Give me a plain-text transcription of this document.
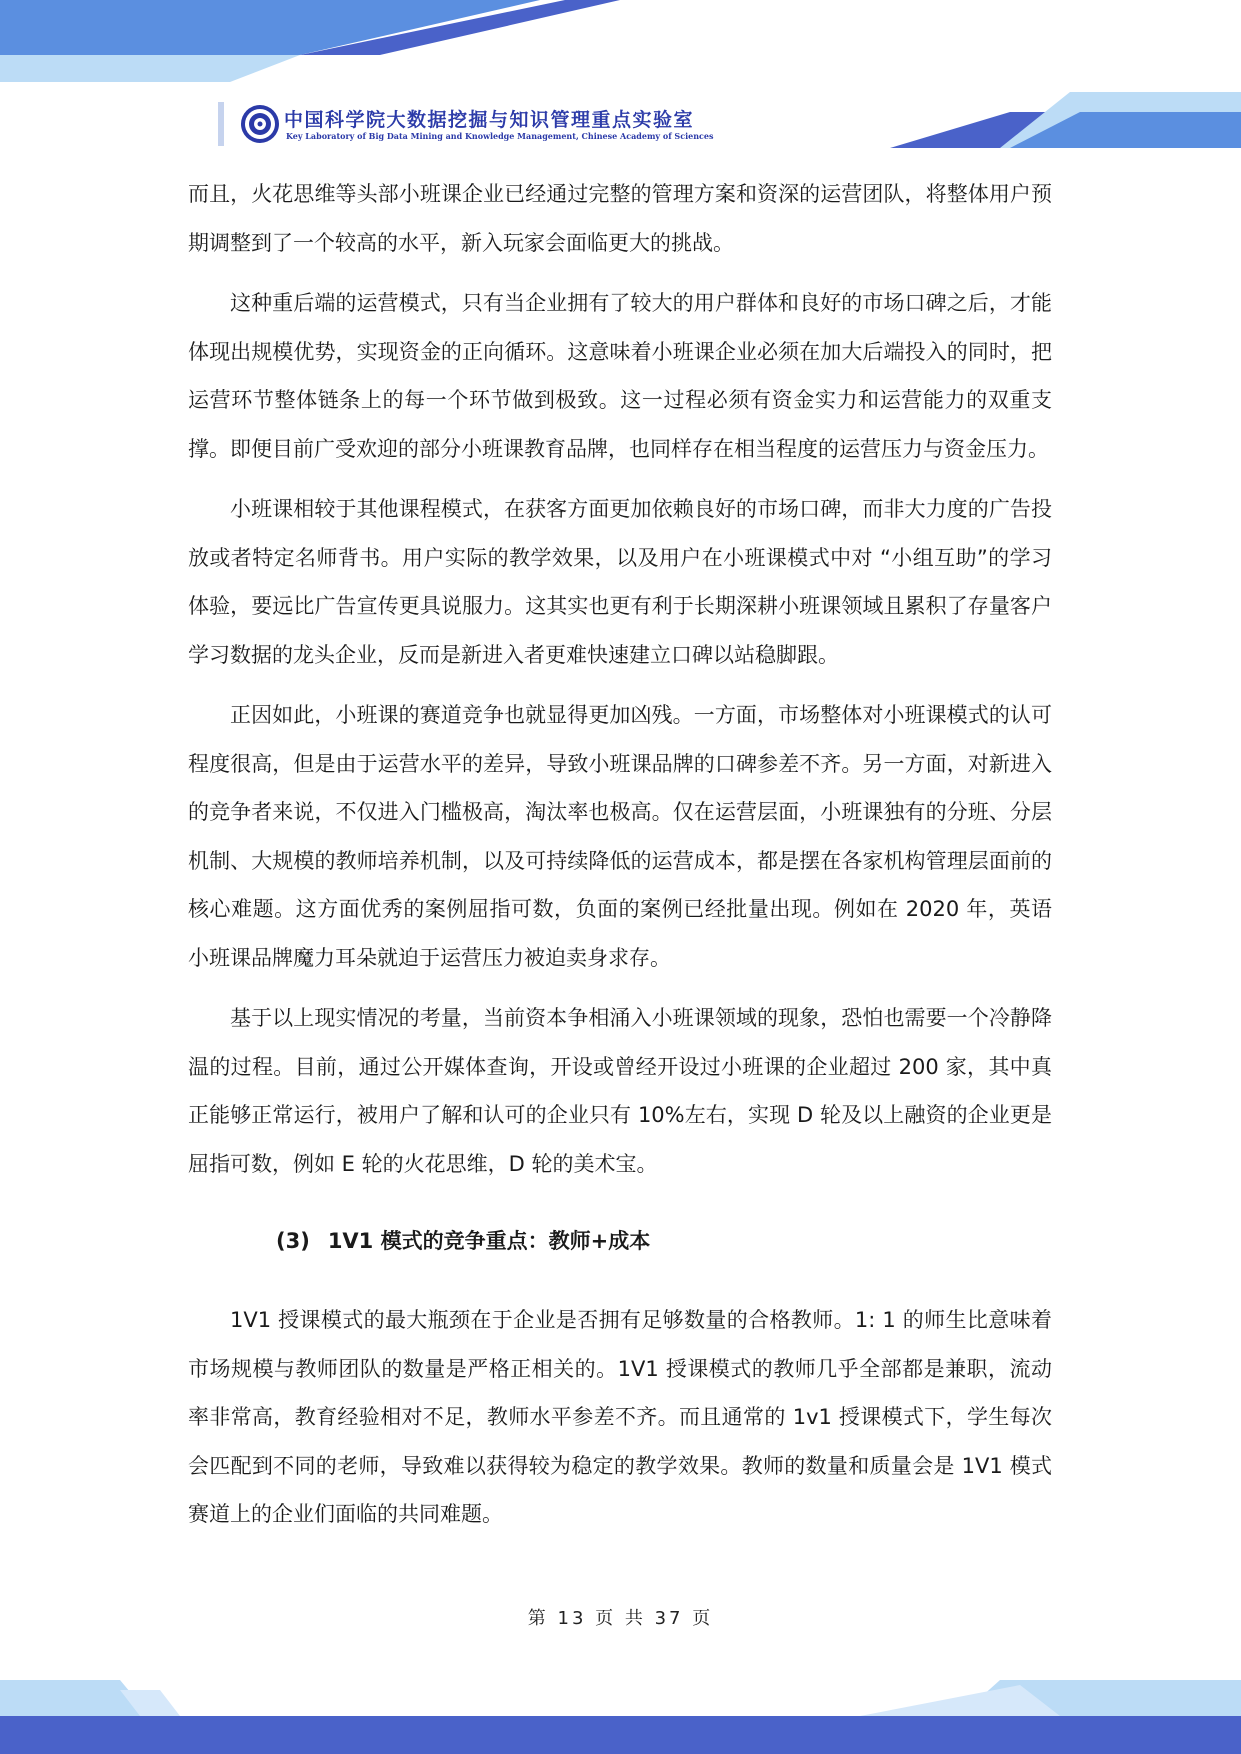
中国科学院大数据挖掘与知识管理重点实验室
Key Laboratory of Big Data Mining and Knowledge Management, Chinese Academy of Sciences

而且，火花思维等头部小班课企业已经通过完整的管理方案和资深的运营团队，将整体用户预期调整到了一个较高的水平，新入玩家会面临更大的挑战。

这种重后端的运营模式，只有当企业拥有了较大的用户群体和良好的市场口碑之后，才能体现出规模优势，实现资金的正向循环。这意味着小班课企业必须在加大后端投入的同时，把运营环节整体链条上的每一个环节做到极致。这一过程必须有资金实力和运营能力的双重支撑。即便目前广受欢迎的部分小班课教育品牌，也同样存在相当程度的运营压力与资金压力。

小班课相较于其他课程模式，在获客方面更加依赖良好的市场口碑，而非大力度的广告投放或者特定名师背书。用户实际的教学效果，以及用户在小班课模式中对 “小组互助”的学习体验，要远比广告宣传更具说服力。这其实也更有利于长期深耕小班课领域且累积了存量客户学习数据的龙头企业，反而是新进入者更难快速建立口碑以站稳脚跟。

正因如此，小班课的赛道竞争也就显得更加凶残。一方面，市场整体对小班课模式的认可程度很高，但是由于运营水平的差异，导致小班课品牌的口碑参差不齐。另一方面，对新进入的竞争者来说，不仅进入门槛极高，淘汰率也极高。仅在运营层面，小班课独有的分班、分层机制、大规模的教师培养机制，以及可持续降低的运营成本，都是摆在各家机构管理层面前的核心难题。这方面优秀的案例屈指可数，负面的案例已经批量出现。例如在 2020 年，英语小班课品牌魔力耳朵就迫于运营压力被迫卖身求存。

基于以上现实情况的考量，当前资本争相涌入小班课领域的现象，恐怕也需要一个冷静降温的过程。目前，通过公开媒体查询，开设或曾经开设过小班课的企业超过 200 家，其中真正能够正常运行，被用户了解和认可的企业只有 10%左右，实现 D 轮及以上融资的企业更是屈指可数，例如 E 轮的火花思维，D 轮的美术宝。

(3) 1V1 模式的竞争重点：教师+成本

1V1 授课模式的最大瓶颈在于企业是否拥有足够数量的合格教师。1: 1 的师生比意味着市场规模与教师团队的数量是严格正相关的。1V1 授课模式的教师几乎全部都是兼职，流动率非常高，教育经验相对不足，教师水平参差不齐。而且通常的 1v1 授课模式下，学生每次会匹配到不同的老师，导致难以获得较为稳定的教学效果。教师的数量和质量会是 1V1 模式赛道上的企业们面临的共同难题。

第 13 页 共 37 页
